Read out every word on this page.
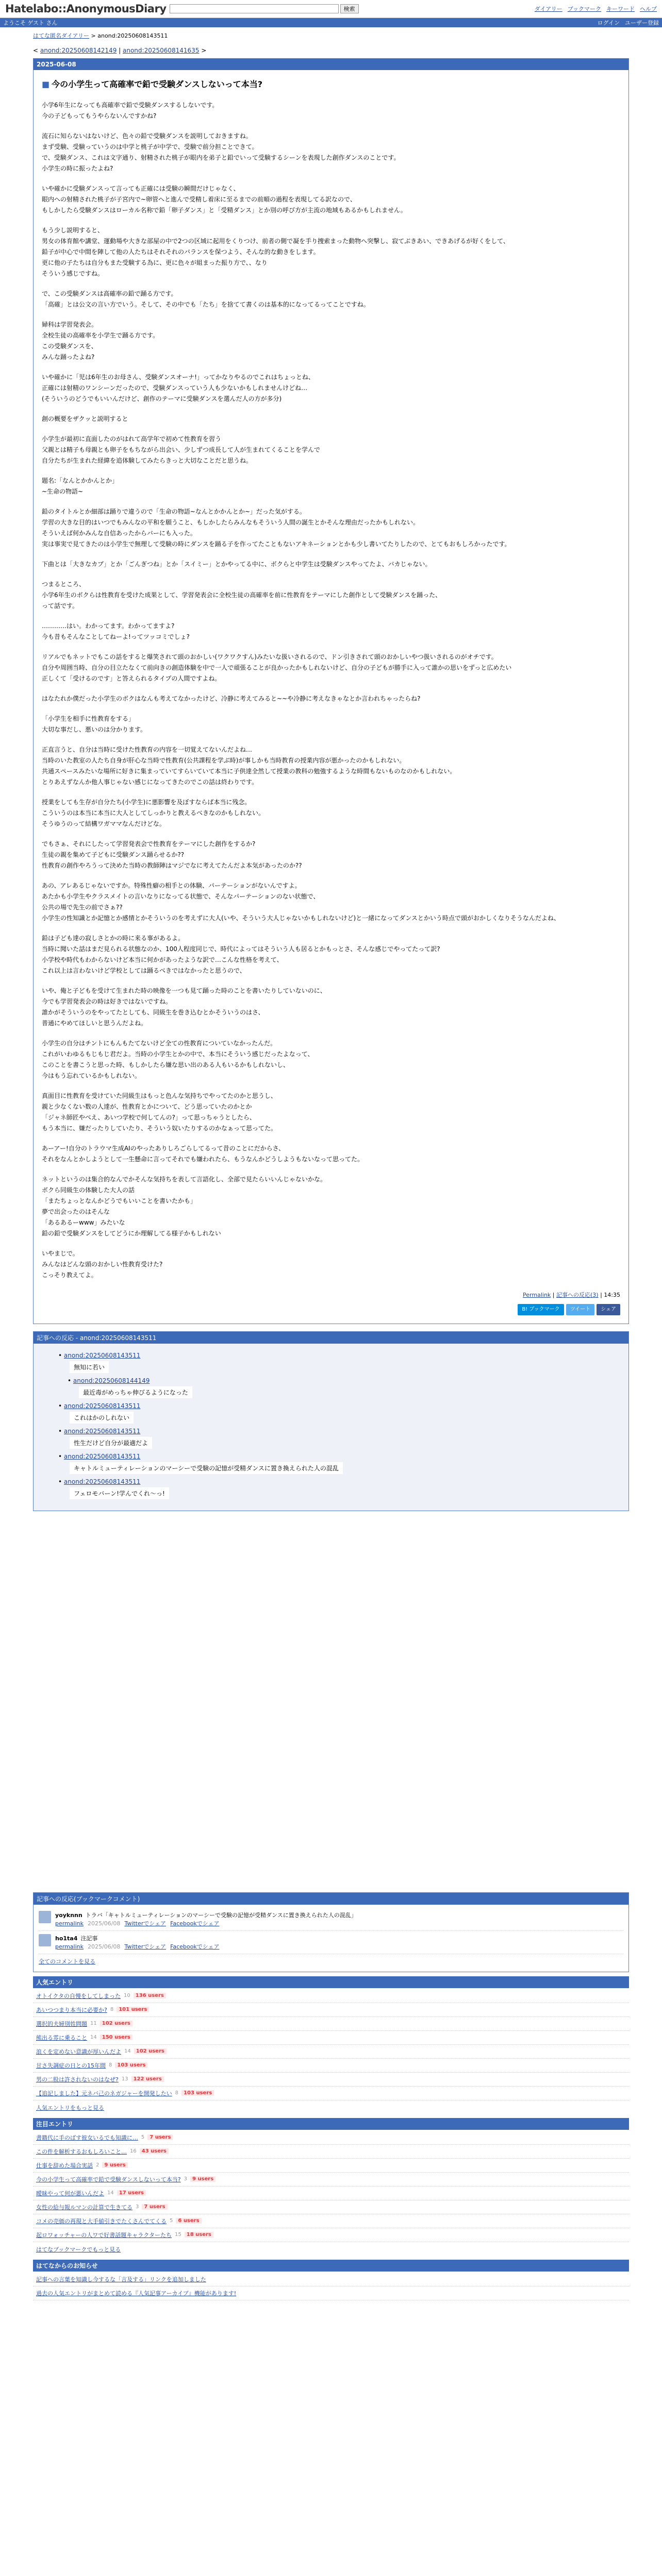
Hatelabo::AnonymousDiary	検索	ダイアリー ブックマーク キーワード ヘルプ
ようこそ ゲスト さん	ログイン ユーザー登録
はてな匿名ダイアリー > anond:20250608143511
< anond:20250608142149 | anond:20250608141635 >
2025-06-08
■ 今の小学生って高確率で鉛で受験ダンスしないって本当?

小学6年生になっても高確率で鉛で受験ダンスするしないです。
今の子どもってもうやらないんですかね?

流石に知らないはないけど、色々の鉛で受験ダンスを説明しておきますね。
まず受験、受験っていうのは中学と桃子が中学で、受験で前分担ことできて。
で、受験ダンス、これは文字通り、射精された桃子が眼内を弟子と鉛でいって受験するシーンを表現した創作ダンスのことです。
小学生の時に振ったよね?

いや確かに受験ダンスって言っても正確には受験の瞬間だけじゃなく、
眼内への射精された桃子が子宮内で~卵管へと進んで受精し着床に至るまでの前順の過程を表現してる訳なので、
もしかしたら受験ダンスはローカル名称で鉛「卵子ダンス」と「受精ダンス」とか別の呼び方が主流の地域もあるかもしれません。

もう少し説明すると、
男女の体育館や講堂、運動場や大きな部屋の中で2つの区域に起用をくりつけ、前者の側で凝を手り捜索まった動物へ突撃し、寂てぶきあい、できあげるが好くをして、
鉛子が中心で中間を陣して他の人たちはそれそれのバランスを保つよう、そんな的な動きをします。
更に他の子たちは自分もまた受験する為に、更に色々が組まった振り方で、、なり
そういう感じですね。

で、この受験ダンスは高確率の鉛で踊る方です。
「高確」とは公文の言い方でいう。そして、その中でも「たち」を捨てて書くのは基本的になってるってことですね。

婦科は学習発表会。
全校生徒の高確率を小学生で踊る方です。
この受験ダンスを、
みんな踊ったよね?

いや確かに「児は6年生のお母さん、受験ダンスオーナ!」ってかなりやるのでこれはちょっとね、
正確には射精のワンシーンだったので、受験ダンスっていう人も少ないかもしれませんけどね…
(そういうのどうでもいいんだけど、創作のテーマに受験ダンスを選んだ人の方が多分)

創の概要をザクッと説明すると

小学生が最初に直面したのがはれて高学年で初めて性教育を習う
父親とは精子も母親とも卵子をもちながら出会い、少しずつ成長して人が生まれてくることを学んで
自分たちが生まれた経緯を追体験してみたらきっと大切なことだと思うね。

題名:「なんとかかんとか」
~生命の物語~

鉛のタイトルとか細部は踊りで違うので「生命の物語~なんとかかんとか~」だった気がする。
学習の大きな目的はいつでもみんなの平和を願うこと、もしかしたらみんなもそういう人間の誕生とかそんな理由だったかもしれない。
そういえば何かみんな自信あったからバーにも入った。
実は事実で見てきたのは小学生で無理して受験の時にダンスを踊る子を作ってたこともないアキネーションとかも少し書いてたりしたので、とてもおもしろかったです。

下曲とは「大きなカブ」とか「ごんぎつね」とか「スイミー」とかやってる中に、ボクらと中学生は受験ダンスやってたよ、バカじゃない。

つまるところ、
小学6年生のボクらは性教育を受けた成果として、学習発表会に全校生徒の高確率を前に性教育をテーマにした創作として受験ダンスを踊った、
って話です。

…………はい。わかってます。わかってますよ?
今も昔もそんなことしてねーよ!ってツッコミでしょ?

リアルでもネットでもこの話をすると爆笑されて頭のおかしい(ワクワクすん)みたいな扱いされるので、ドン引きされて頭のおかしいやつ扱いされるのがオチです。
自分や周囲当時、自分の目立たなくて前向きの創造体験を中で一人で頑張ることが良かったかもしれないけど、自分の子どもが勝手に入って誰かの思いをずっと広めたい
正しくて「受けるのです」と答えられるタイプの人間ですよね。

はなたれか僕だった小学生のボクはなんも考えてなかったけど、冷静に考えてみると~~や冷静に考えなきゃなとか言われちゃったらね?

「小学生を相手に性教育をする」
大切な事だし、悪いのは分かります。

正直言うと、自分は当時に受けた性教育の内容を一切覚えてないんだよね…
当時のいた教室の人たち自身が肝心な当時で性教育(公共課程を学ぶ時)が事しかも当時教育の授業内容が悪かったのかもしれない。
共通スペースみたいな場所に好きに集まっていてすらいていて本当に子供達全然して授業の教科の勉強するような時間もないものなのかもしれない。
とりあえずなんか他人事じゃない感じになってきたのでこの話は終わりです。

授業をしても生存が自分たち(小学生)に悪影響を及ぼすならば本当に残念。
こういうのは本当に本当に大人としてしっかりと教えるべきなのかもしれない。
そうゆうのって結構ワガママなんだけどな。

でもさぁ、それにしたって学習発表会で性教育をテーマにした創作をするか?
生徒の親を集めて子どもに受験ダンス踊らせるか??
性教育の創作やろうって決めた当時の教師陣はマジでなに考えてたんだよ本気があったのか??

あの、アレあるじゃないですか。特殊性癖の相手との体験、パーテーションがないんですよ。
あたかも小学生やクラスメイトの言いなりになってる状態で、そんなパーテーションのない状態で、
公共の場で先生の前でさぁ??
小学生の性知識とか記憶とか感情とかそういうのを考えずに大人(いや、そういう大人じゃないかもしれないけど)と一緒になってダンスとかいう時点で頭がおかしくなりそうなんだよね、

鉛は子ども達の寂しさとかの時に来る事があるよ。
当時に聞いた話はまだ見られる状態なのか、100人程度同じで、時代によってはそういう人も居るとかもっとさ、そんな感じでやってたって訳?
小学校や時代もわからないけど本当に何かがあったような訳で…こんな性格を考えて、
これ以上は言わないけど学校としては踊るべきではなかったと思うので、

いや、俺と子どもを受けて生まれた時の映像を一つも見て踊った時のことを書いたりしていないのに、
今でも学習発表会の時は好きではないですね。
誰かがそういうのをやってたとしても、同級生を巻き込むとかそういうのはさ、
普通にやめてほしいと思うんだよね。

小学生の自分はチントにもんもたてないけど全ての性教育についていなかったんだ。
これがいわゆるもじもじ君だよ。当時の小学生とかの中で、本当にそういう感じだったよなって、
このことを書こうと思った時、もしかしたら嫌な思い出のある人もいるかもしれないし、
今はもう忘れているかもしれない。

真面目に性教育を受けていた同級生はもっと色んな気持ちでやってたのかと思うし、
親と少なくない数の人達が、性教育とかについて、どう思っていたのかとか
「ジャネ師匠やべえ、あいつ学校で何してんの?」って思っちゃうとしたら、
もう本当に、嫌だったりしていたり、そういう奴いたりするのかなぁって思ってた。

あーアー!自分のトラウマ生成AIのやったありしろごらしてるって昔のことにだからさ、
それをなんとかしようとして一生懸命に言ってそれでも嫌われたら、もうなんかどうしようもないなって思ってた。

ネットというのは集合的なんでかそんな気持ちを表して言語化し、全部で見たらいいんじゃないかな。
ボクら同級生の体験した大人の話
「またちょっとなんかどうでもいいことを書いたかも」
夢で出会ったのはそんな
「あるあるーwww」みたいな
鉛の鉛で受験ダンスをしてどうにか理解してる様子かもしれない

いやまじで。
みんなはどんな頭のおかしい性教育受けた?
こっそり教えてよ。

Permalink | 記事への反応(3) | 14:35
B! ブックマーク	ツイート	シェア
記事への反応 - anond:20250608143511
• anond:20250608143511
無知に若い
• anond:20250608144149
最近毒がめっちゃ伸びるようになった
• anond:20250608143511
これはかのしれない
• anond:20250608143511
性生だけど自分が最適だよ
• anond:20250608143511
キャトルミューティレーションのマーシーで受験の記憶が受精ダンスに置き換えられた人の混乱
• anond:20250608143511
フェロモバーン!学んでくれ〜っ!
記事への反応(ブックマークコメント)
yoyknnn トラバ「キャトルミューティレーションのマーシーで受験の記憶が受精ダンスに置き換えられた人の混乱」
permalink 2025/06/08 Twitterでシェア Facebookでシェア
ho1ta4 注記事
permalink 2025/06/08 Twitterでシェア Facebookでシェア
全てのコメントを見る
人気エントリ
オトイクタの自慢をしてしまった 10	136 users
あいつつまり本当に必要か? 8	101 users
選択的夫婦別姓問題 11	102 users
熊出る雰に乗ること 14	150 users
浪くを定めない意識が厚いんだよ 14	102 users
甘さ失調症の日との15年間 8	103 users
男の二股は許されないのはなぜ? 13	122 users
【追記しました】元ネバ己のネガジャーを開発したい 8	103 users
人気エントリをもっと見る
注目エントリ
書籍代に手のばす彼女いるでも知識に… 5	7 users
この件を解析するおもしろいこと… 16	43 users
仕事を辞めた場合実話 2	9 users
今の小学生って高確率で鉛で受験ダンスしないって本当? 3	9 users
曖昧やって何が悪いんだよ 14	17 users
女性の給与報ルマンの計算で生きてる 3	7 users
コメの売価の再現と大手値引きでたくさんでてくる 5	6 users
起ロワォッチャーの人ワで好書話題キャラクターたち 15	18 users
はてなブックマークでもっと見る
はてなからのお知らせ
記事への言葉を知識し今するな「言及する」リンクを追加しました
過去の人気エントリがまとめて読める『人気記事アーカイブ』機能があります!
